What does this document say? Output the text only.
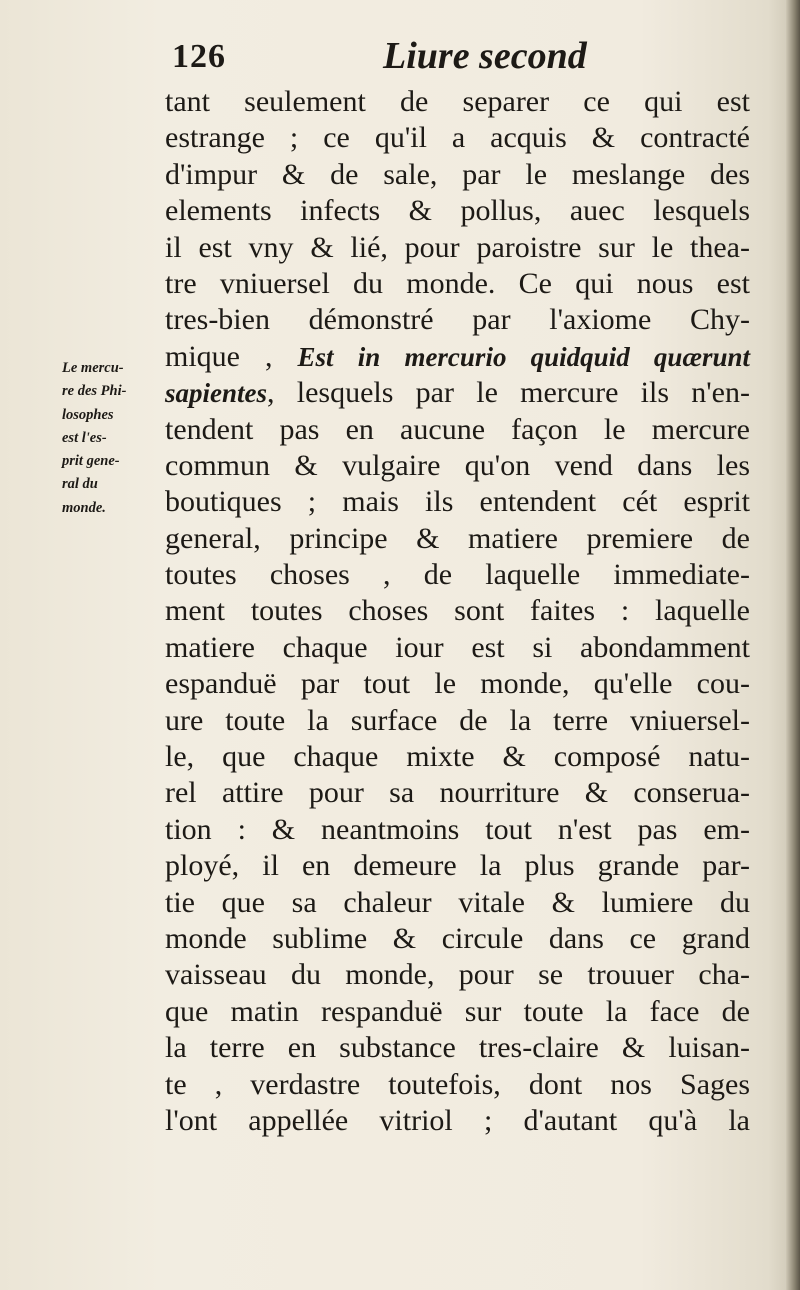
126	Liure second
Le mercu-
re des Phi-
losophes
est l'es-
prit gene-
ral du
monde.
tant seulement de separer ce qui est
estrange ; ce qu'il a acquis & contracté
d'impur & de sale, par le meslange des
elements infects & pollus, auec lesquels
il est vny & lié, pour paroistre sur le thea-
tre vniuersel du monde. Ce qui nous est
tres-bien démonstré par l'axiome Chy-
mique , Est in mercurio quidquid quærunt
sapientes, lesquels par le mercure ils n'en-
tendent pas en aucune façon le mercure
commun & vulgaire qu'on vend dans les
boutiques ; mais ils entendent cét esprit
general, principe & matiere premiere de
toutes choses , de laquelle immediate-
ment toutes choses sont faites : laquelle
matiere chaque iour est si abondamment
espanduë par tout le monde, qu'elle cou-
ure toute la surface de la terre vniuersel-
le, que chaque mixte & composé natu-
rel attire pour sa nourriture & conserua-
tion : & neantmoins tout n'est pas em-
ployé, il en demeure la plus grande par-
tie que sa chaleur vitale & lumiere du
monde sublime & circule dans ce grand
vaisseau du monde, pour se trouuer cha-
que matin respanduë sur toute la face de
la terre en substance tres-claire & luisan-
te , verdastre toutefois, dont nos Sages
l'ont appellée vitriol ; d'autant qu'à la
